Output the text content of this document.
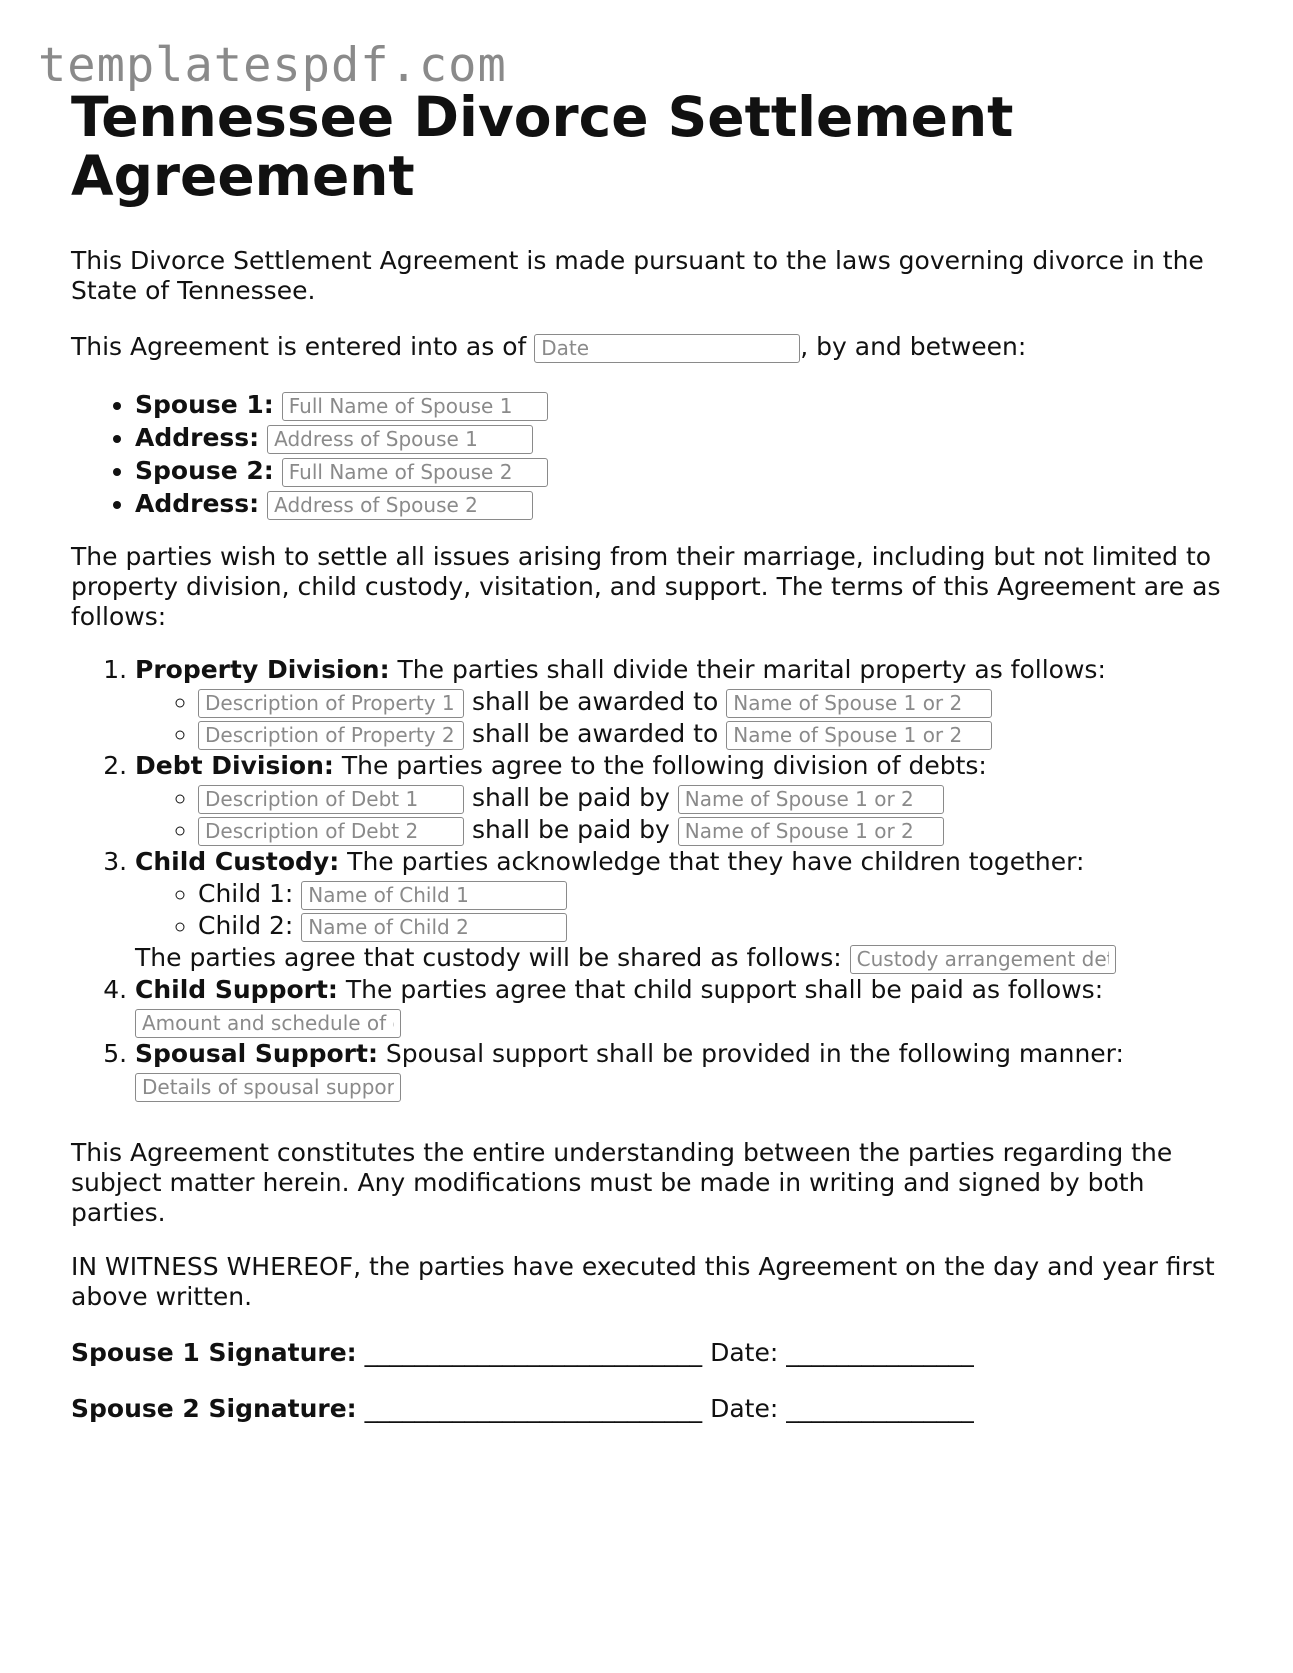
templatespdf.com
Tennessee Divorce Settlement Agreement

This Divorce Settlement Agreement is made pursuant to the laws governing divorce in the State of Tennessee.

This Agreement is entered into as of Date	, by and between:

• Spouse 1: Full Name of Spouse 1
• Address: Address of Spouse 1
• Spouse 2: Full Name of Spouse 2
• Address: Address of Spouse 2

The parties wish to settle all issues arising from their marriage, including but not limited to property division, child custody, visitation, and support. The terms of this Agreement are as follows:

1. Property Division: The parties shall divide their marital property as follows:
Description of Property 1 ◦ shall be awarded to Name of Spouse 1 or 2
Description of Property 2 ◦ shall be awarded to Name of Spouse 1 or 2
2. Debt Division: The parties agree to the following division of debts:
Description of Debt 1 ◦ shall be paid by Name of Spouse 1 or 2
Description of Debt 2 ◦ shall be paid by Name of Spouse 1 or 2
3. Child Custody: The parties acknowledge that they have children together:
◦ Child 1: Name of Child 1
◦ Child 2: Name of Child 2
The parties agree that custody will be shared as follows: Custody arrangement details
4. Child Support: The parties agree that child support shall be paid as follows:
Amount and schedule of child support
5. Spousal Support: Spousal support shall be provided in the following manner:
Details of spousal support

This Agreement constitutes the entire understanding between the parties regarding the subject matter herein. Any modifications must be made in writing and signed by both parties.

IN WITNESS WHEREOF, the parties have executed this Agreement on the day and year first above written.

Spouse 1 Signature: ___________________________ Date: _______________
Spouse 2 Signature: ___________________________ Date: _______________
